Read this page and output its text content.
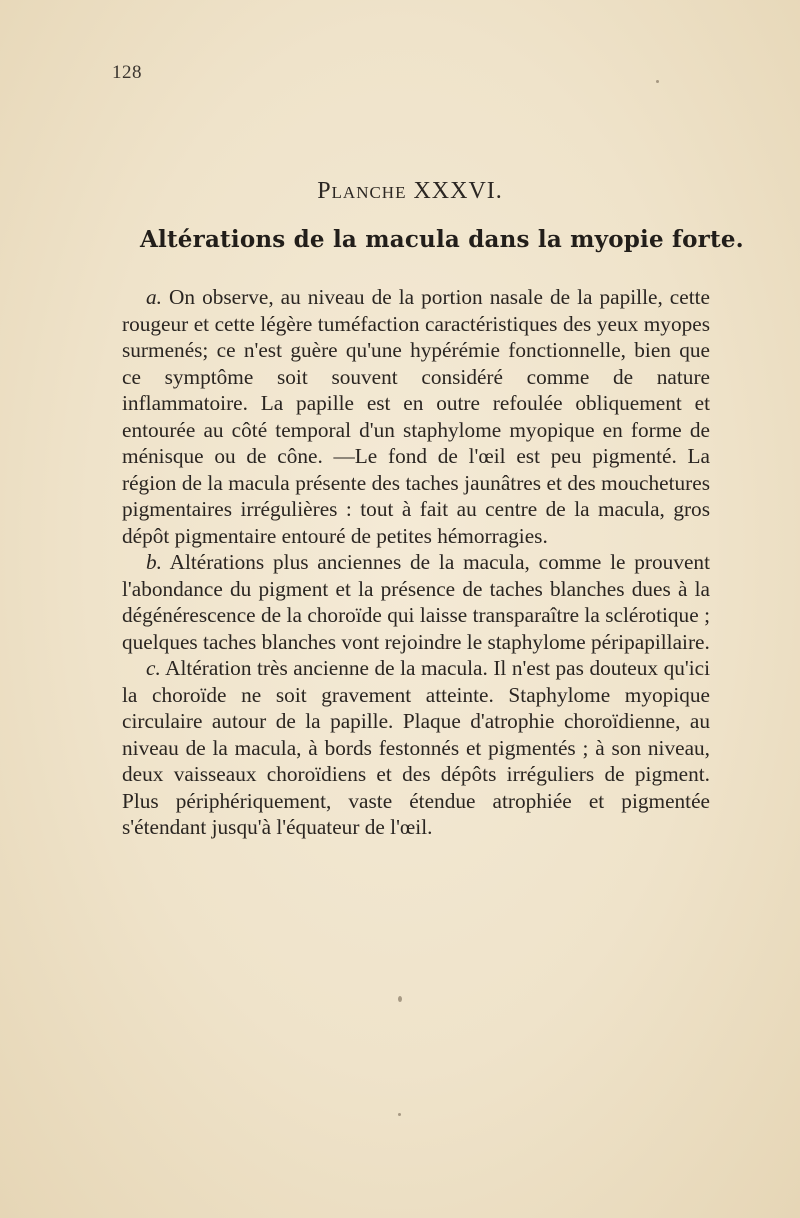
128
Planche XXXVI.
Altérations de la macula dans la myopie forte.

a. On observe, au niveau de la portion nasale de la papille, cette rougeur et cette légère tuméfaction caractéristiques des yeux myopes surmenés; ce n'est guère qu'une hypérémie fonctionnelle, bien que ce symptôme soit souvent considéré comme de nature inflammatoire. La papille est en outre refoulée obliquement et entourée au côté temporal d'un staphylome myopique en forme de ménisque ou de cône. —Le fond de l'œil est peu pigmenté. La région de la macula présente des taches jaunâtres et des mouchetures pigmentaires irrégulières : tout à fait au centre de la macula, gros dépôt pigmentaire entouré de petites hémorragies.

b. Altérations plus anciennes de la macula, comme le prouvent l'abondance du pigment et la présence de taches blanches dues à la dégénérescence de la choroïde qui laisse transparaître la sclérotique ; quelques taches blanches vont rejoindre le staphylome péripapillaire.

c. Altération très ancienne de la macula. Il n'est pas douteux qu'ici la choroïde ne soit gravement atteinte. Staphylome myopique circulaire autour de la papille. Plaque d'atrophie choroïdienne, au niveau de la macula, à bords festonnés et pigmentés ; à son niveau, deux vaisseaux choroïdiens et des dépôts irréguliers de pigment. Plus périphériquement, vaste étendue atrophiée et pigmentée s'étendant jusqu'à l'équateur de l'œil.
